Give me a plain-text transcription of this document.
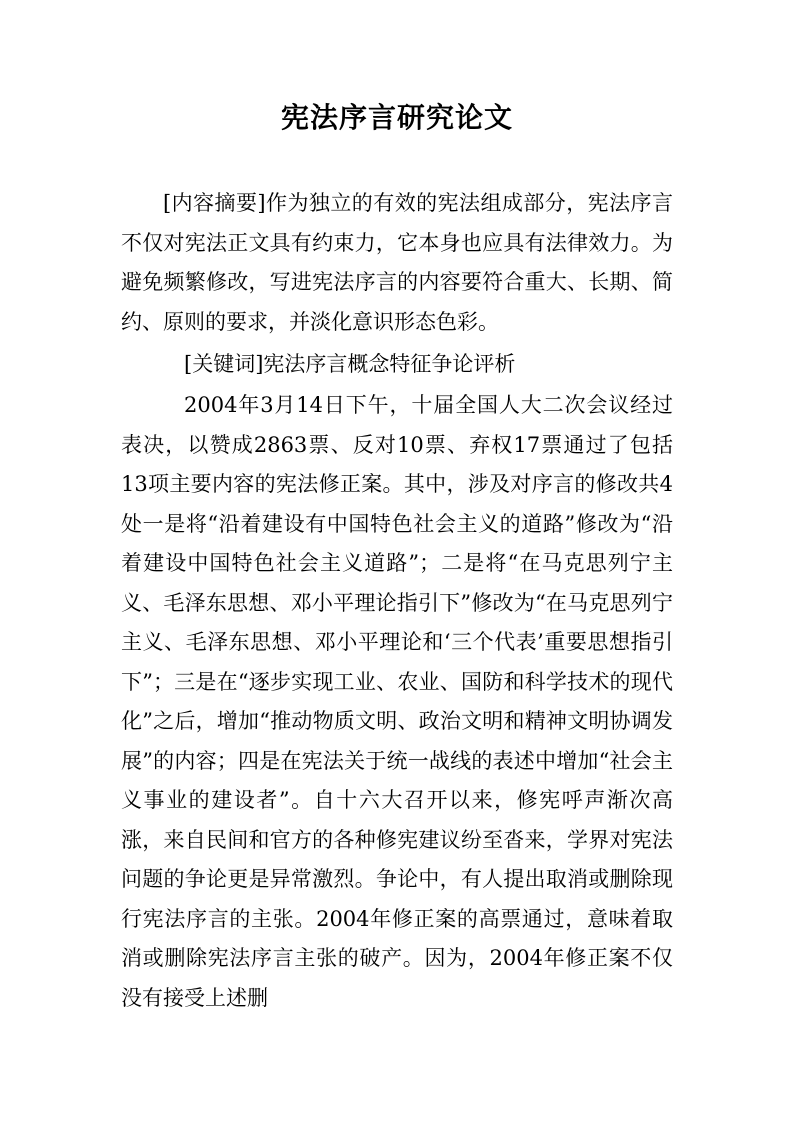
宪法序言研究论文

[内容摘要]作为独立的有效的宪法组成部分，宪法序言不仅对宪法正文具有约束力，它本身也应具有法律效力。为避免频繁修改，写进宪法序言的内容要符合重大、长期、简约、原则的要求，并淡化意识形态色彩。

[关键词]宪法序言概念特征争论评析

2004年3月14日下午，十届全国人大二次会议经过表决，以赞成2863票、反对10票、弃权17票通过了包括13项主要内容的宪法修正案。其中，涉及对序言的修改共4处一是将“沿着建设有中国特色社会主义的道路”修改为“沿着建设中国特色社会主义道路”；二是将“在马克思列宁主义、毛泽东思想、邓小平理论指引下”修改为“在马克思列宁主义、毛泽东思想、邓小平理论和‘三个代表’重要思想指引下”；三是在“逐步实现工业、农业、国防和科学技术的现代化”之后，增加“推动物质文明、政治文明和精神文明协调发展”的内容；四是在宪法关于统一战线的表述中增加“社会主义事业的建设者”。自十六大召开以来，修宪呼声渐次高涨，来自民间和官方的各种修宪建议纷至沓来，学界对宪法问题的争论更是异常激烈。争论中，有人提出取消或删除现行宪法序言的主张。2004年修正案的高票通过，意味着取消或删除宪法序言主张的破产。因为，2004年修正案不仅没有接受上述删
